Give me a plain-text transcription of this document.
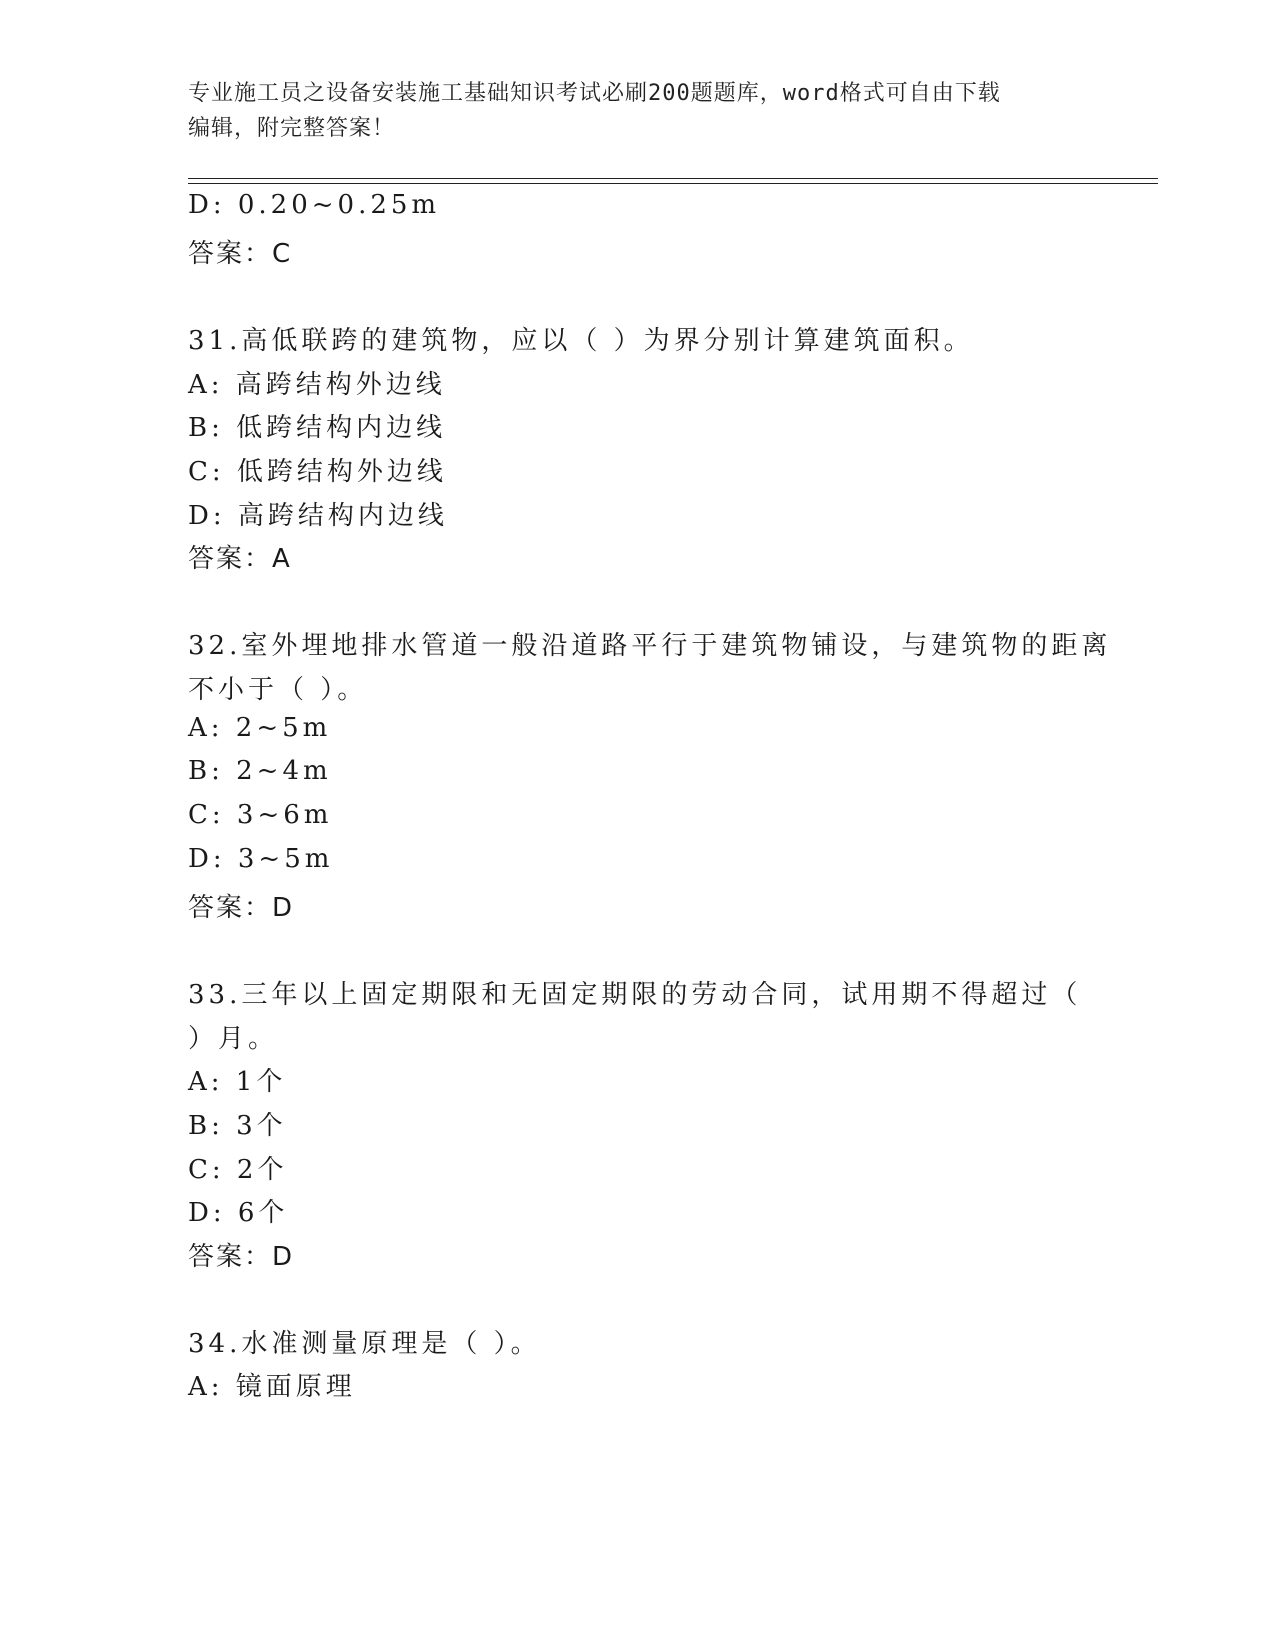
专业施工员之设备安装施工基础知识考试必刷200题题库，word格式可自由下载
编辑，附完整答案！
D: 0.20~0.25m
答案：C
31.高低联跨的建筑物，应以（ ）为界分别计算建筑面积。
A: 高跨结构外边线
B: 低跨结构内边线
C: 低跨结构外边线
D: 高跨结构内边线
答案：A
32.室外埋地排水管道一般沿道路平行于建筑物铺设，与建筑物的距离
不小于（ ）。
A: 2~5m
B: 2~4m
C: 3~6m
D: 3~5m
答案：D
33.三年以上固定期限和无固定期限的劳动合同，试用期不得超过（
）月。
A: 1个
B: 3个
C: 2个
D: 6个
答案：D
34.水准测量原理是（ ）。
A: 镜面原理
